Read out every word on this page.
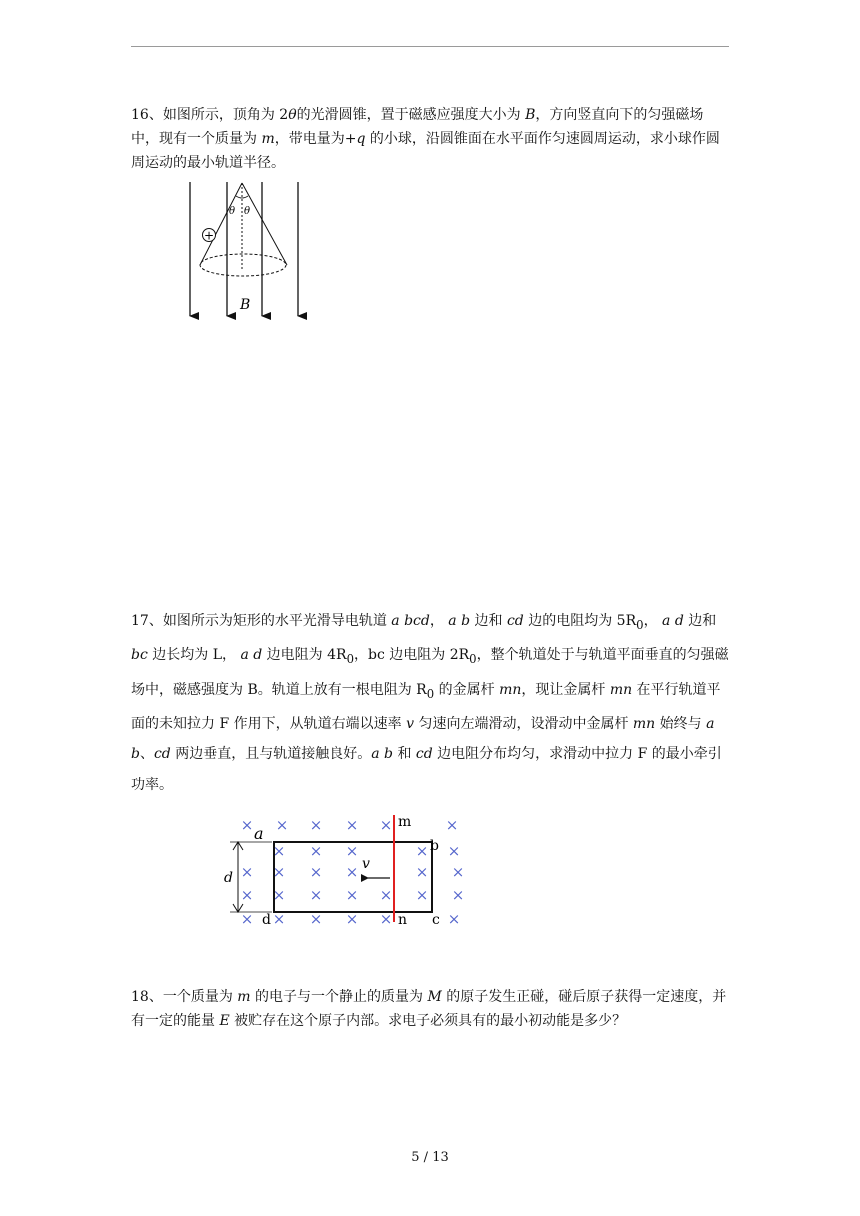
16、如图所示，顶角为 2θ的光滑圆锥，置于磁感应强度大小为 B，方向竖直向下的匀强磁场中，现有一个质量为 m，带电量为+q 的小球，沿圆锥面在水平面作匀速圆周运动，求小球作圆周运动的最小轨道半径。

θ θ
+
B

17、如图所示为矩形的水平光滑导电轨道 a bcd， a b 边和 cd 边的电阻均为 $5R_0$， a d 边和 bc 边长均为 L， a d 边电阻为 $4R_0$，bc 边电阻为 $2R_0$，整个轨道处于与轨道平面垂直的匀强磁场中，磁感强度为 B。轨道上放有一根电阻为 $R_0$ 的金属杆 mn，现让金属杆 mn 在平行轨道平面的未知拉力 F 作用下，从轨道右端以速率 v 匀速向左端滑动，设滑动中金属杆 mn 始终与 a b、cd 两边垂直，且与轨道接触良好。a b 和 cd 边电阻分布均匀，求滑动中拉力 F 的最小牵引功率。

× × × × ×	×
× × ×	× ×
× × × ×	× ×
× × × × × × ×
× × × × ×	×
d
a
b
c
d
m
n
v

18、一个质量为 m 的电子与一个静止的质量为 M 的原子发生正碰，碰后原子获得一定速度，并有一定的能量 E 被贮存在这个原子内部。求电子必须具有的最小初动能是多少？

5 / 13
